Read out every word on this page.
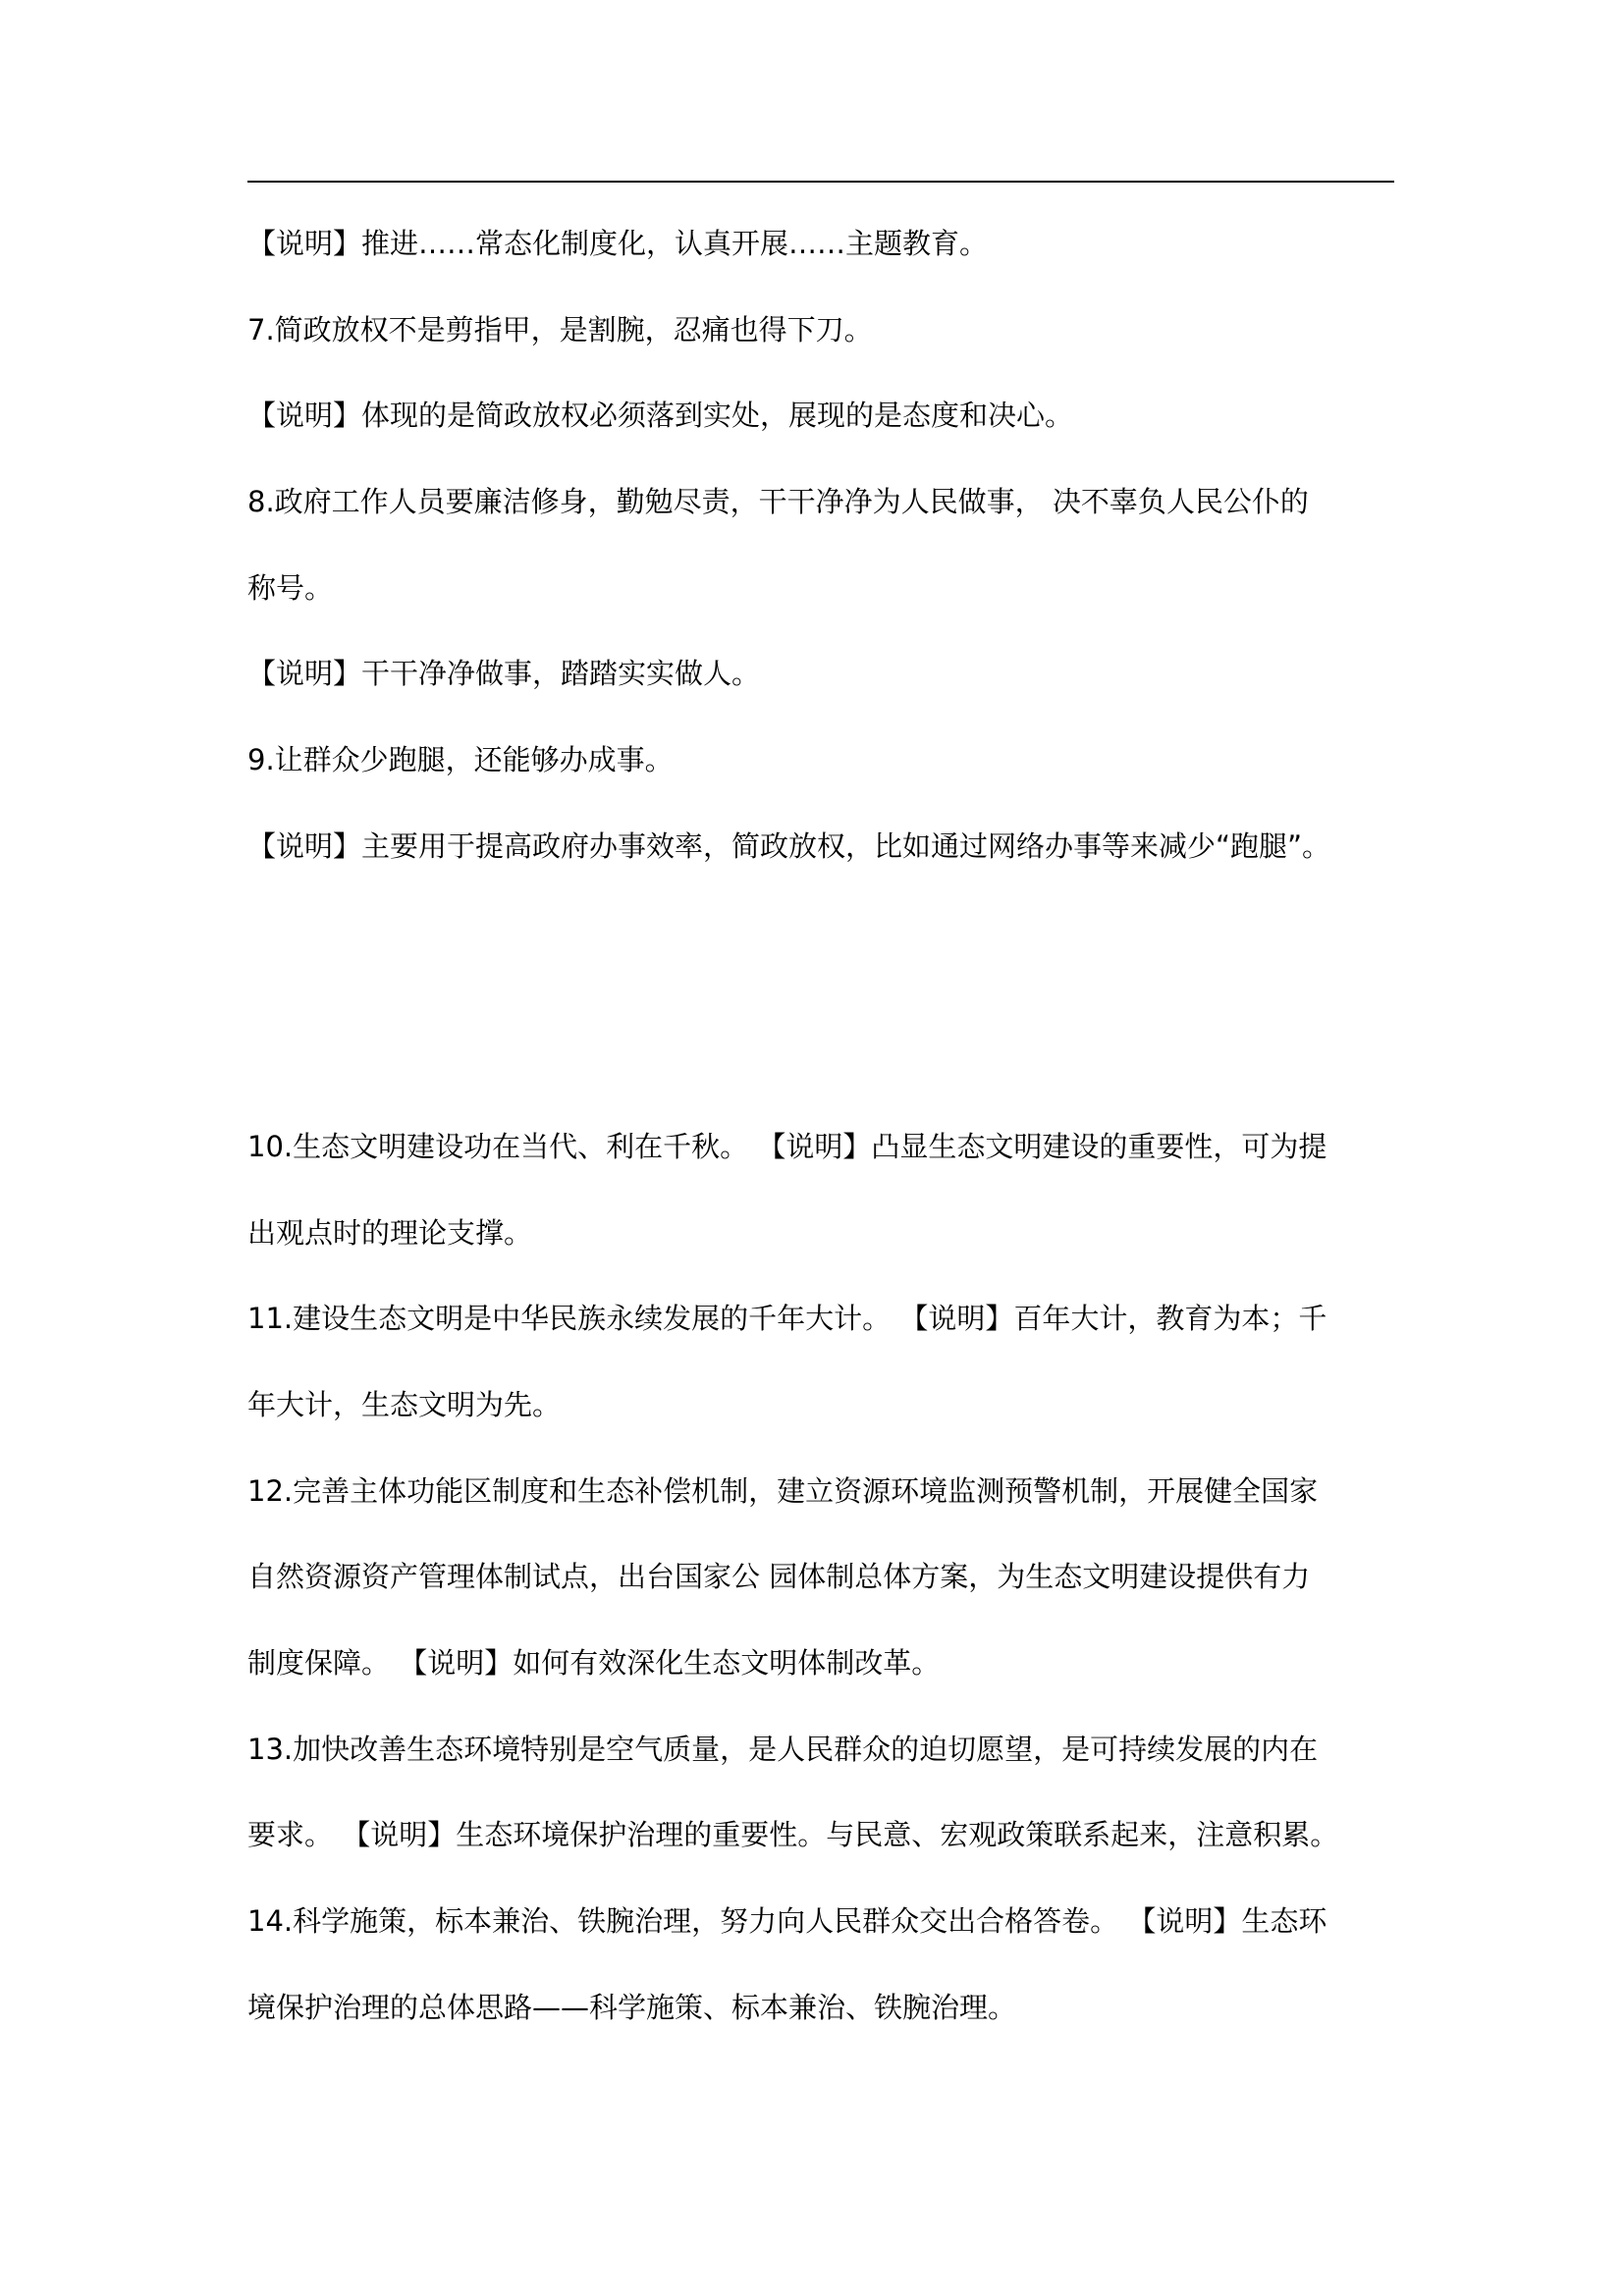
【说明】推进……常态化制度化，认真开展……主题教育。
7.简政放权不是剪指甲，是割腕，忍痛也得下刀。
【说明】体现的是简政放权必须落到实处，展现的是态度和决心。
8.政府工作人员要廉洁修身，勤勉尽责，干干净净为人民做事， 决不辜负人民公仆的
称号。
【说明】干干净净做事，踏踏实实做人。
9.让群众少跑腿，还能够办成事。
【说明】主要用于提高政府办事效率，简政放权，比如通过网络办事等来减少“跑腿”。
10.生态文明建设功在当代、利在千秋。 【说明】凸显生态文明建设的重要性，可为提
出观点时的理论支撑。
11.建设生态文明是中华民族永续发展的千年大计。 【说明】百年大计，教育为本；千
年大计，生态文明为先。
12.完善主体功能区制度和生态补偿机制，建立资源环境监测预警机制，开展健全国家
自然资源资产管理体制试点，出台国家公 园体制总体方案，为生态文明建设提供有力
制度保障。 【说明】如何有效深化生态文明体制改革。
13.加快改善生态环境特别是空气质量，是人民群众的迫切愿望，是可持续发展的内在
要求。 【说明】生态环境保护治理的重要性。与民意、宏观政策联系起来，注意积累。
14.科学施策，标本兼治、铁腕治理，努力向人民群众交出合格答卷。 【说明】生态环
境保护治理的总体思路——科学施策、标本兼治、铁腕治理。
